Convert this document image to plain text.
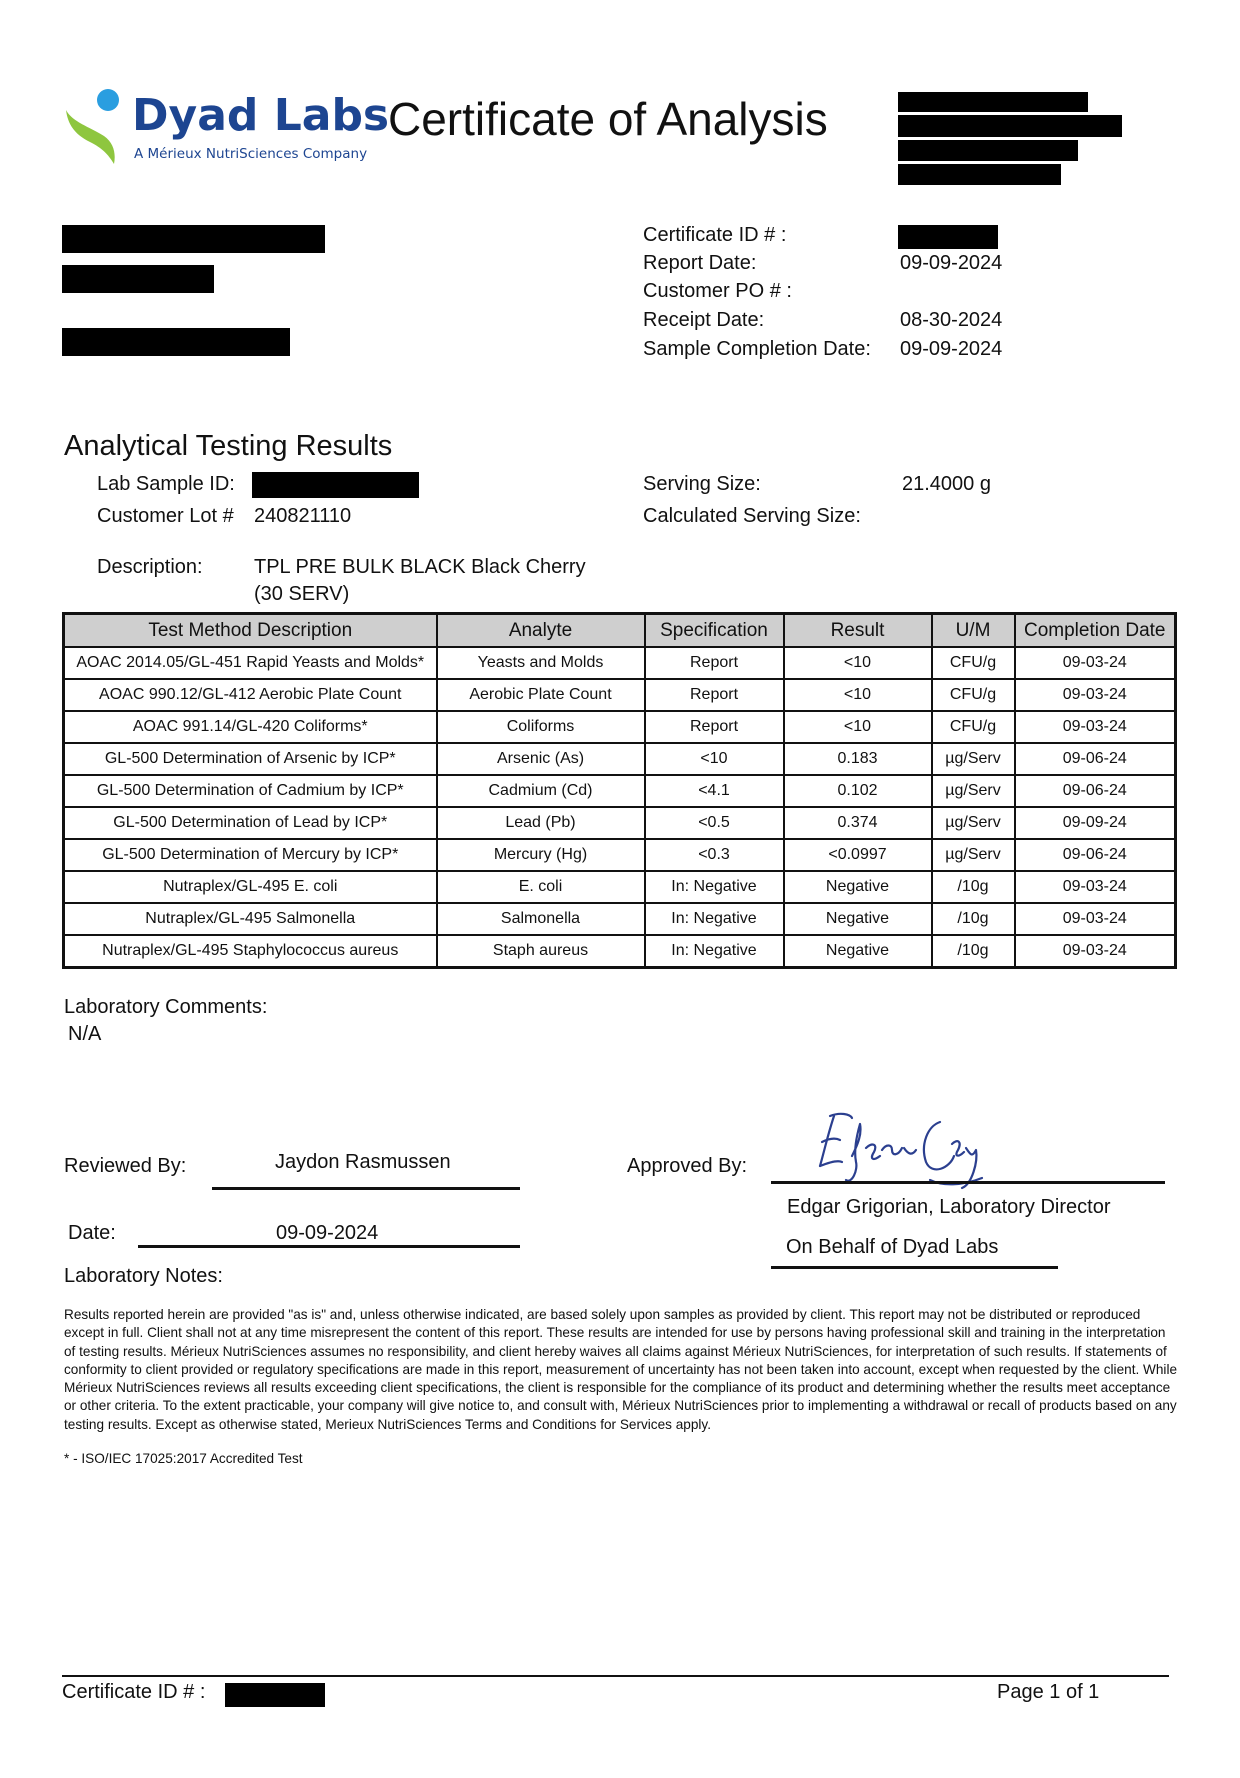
Dyad Labs
A Mérieux NutriSciences Company
Certificate of Analysis
Certificate ID # :
Report Date:	09-09-2024
Customer PO # :
Receipt Date:	08-30-2024
Sample Completion Date: 09-09-2024
Analytical Testing Results
Lab Sample ID:
Customer Lot # 240821110
Serving Size:	21.4000 g
Calculated Serving Size:
Description:	TPL PRE BULK BLACK Black Cherry
(30 SERV)
Test Method Description	Analyte	Specification	Result	U/M	Completion Date
AOAC 2014.05/GL-451 Rapid Yeasts and Molds*	Yeasts and Molds	Report	<10	CFU/g	09-03-24
AOAC 990.12/GL-412 Aerobic Plate Count	Aerobic Plate Count	Report	<10	CFU/g	09-03-24
AOAC 991.14/GL-420 Coliforms*	Coliforms	Report	<10	CFU/g	09-03-24
GL-500 Determination of Arsenic by ICP*	Arsenic (As)	<10	0.183	µg/Serv	09-06-24
GL-500 Determination of Cadmium by ICP*	Cadmium (Cd)	<4.1	0.102	µg/Serv	09-06-24
GL-500 Determination of Lead by ICP*	Lead (Pb)	<0.5	0.374	µg/Serv	09-09-24
GL-500 Determination of Mercury by ICP*	Mercury (Hg)	<0.3	<0.0997	µg/Serv	09-06-24
Nutraplex/GL-495 E. coli	E. coli	In: Negative	Negative	/10g	09-03-24
Nutraplex/GL-495 Salmonella	Salmonella	In: Negative	Negative	/10g	09-03-24
Nutraplex/GL-495 Staphylococcus aureus	Staph aureus	In: Negative	Negative	/10g	09-03-24
Laboratory Comments:
N/A
Reviewed By:	Jaydon Rasmussen
Date:	09-09-2024
Approved By:
Edgar Grigorian, Laboratory Director
On Behalf of Dyad Labs
Laboratory Notes:
Results reported herein are provided "as is" and, unless otherwise indicated, are based solely upon samples as provided by client. This report may not be distributed or reproduced except in full. Client shall not at any time misrepresent the content of this report. These results are intended for use by persons having professional skill and training in the interpretation of testing results. Mérieux NutriSciences assumes no responsibility, and client hereby waives all claims against Mérieux NutriSciences, for interpretation of such results. If statements of conformity to client provided or regulatory specifications are made in this report, measurement of uncertainty has not been taken into account, except when requested by the client. While Mérieux NutriSciences reviews all results exceeding client specifications, the client is responsible for the compliance of its product and determining whether the results meet acceptance or other criteria. To the extent practicable, your company will give notice to, and consult with, Mérieux NutriSciences prior to implementing a withdrawal or recall of products based on any testing results. Except as otherwise stated, Merieux NutriSciences Terms and Conditions for Services apply.
* - ISO/IEC 17025:2017 Accredited Test
Certificate ID # :	Page 1 of 1
